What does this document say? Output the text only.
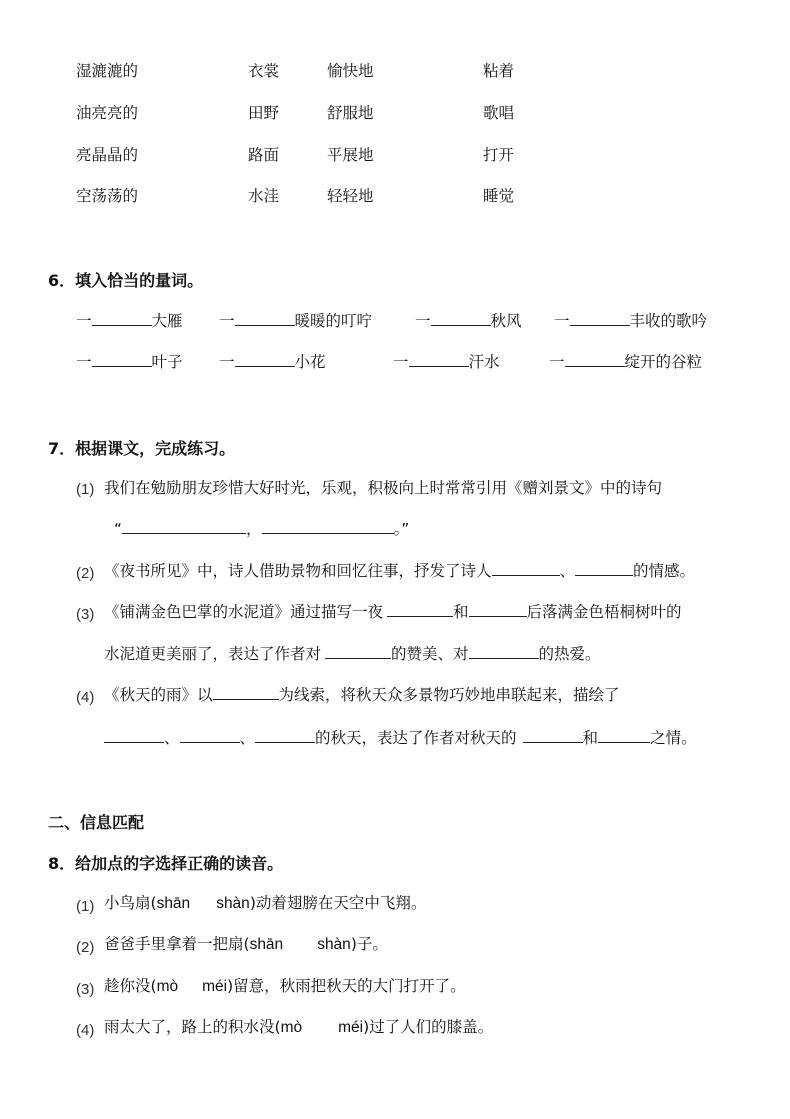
湿漉漉的	衣裳	愉快地	粘着
油亮亮的	田野	舒服地	歌唱
亮晶晶的	路面	平展地	打开
空荡荡的	水洼	轻轻地	睡觉
6．填入恰当的量词。
一	大雁 一	暖暖的叮咛	一	秋风 一	丰收的歌吟
一	叶子 一	小花	一	汗水	一	绽开的谷粒
7．根据课文，完成练习。
(1) 我们在勉励朋友珍惜大好时光，乐观，积极向上时常常引用《赠刘景文》中的诗句
“	，	。”
(2) 《夜书所见》中，诗人借助景物和回忆往事，抒发了诗人	、	的情感。
(3) 《铺满金色巴掌的水泥道》通过描写一夜	和	后落满金色梧桐树叶的
水泥道更美丽了，表达了作者对	的赞美、对	的热爱。
(4) 《秋天的雨》以	为线索，将秋天众多景物巧妙地串联起来，描绘了
、	、	的秋天，表达了作者对秋天的	和	之情。
二、信息匹配
8．给加点的字选择正确的读音。
(1) 小鸟扇(shān shàn)动着翅膀在天空中飞翔。
(2) 爸爸手里拿着一把扇(shān shàn)子。
(3) 趁你没(mò méi)留意，秋雨把秋天的大门打开了。
(4) 雨太大了，路上的积水没(mò méi)过了人们的膝盖。
